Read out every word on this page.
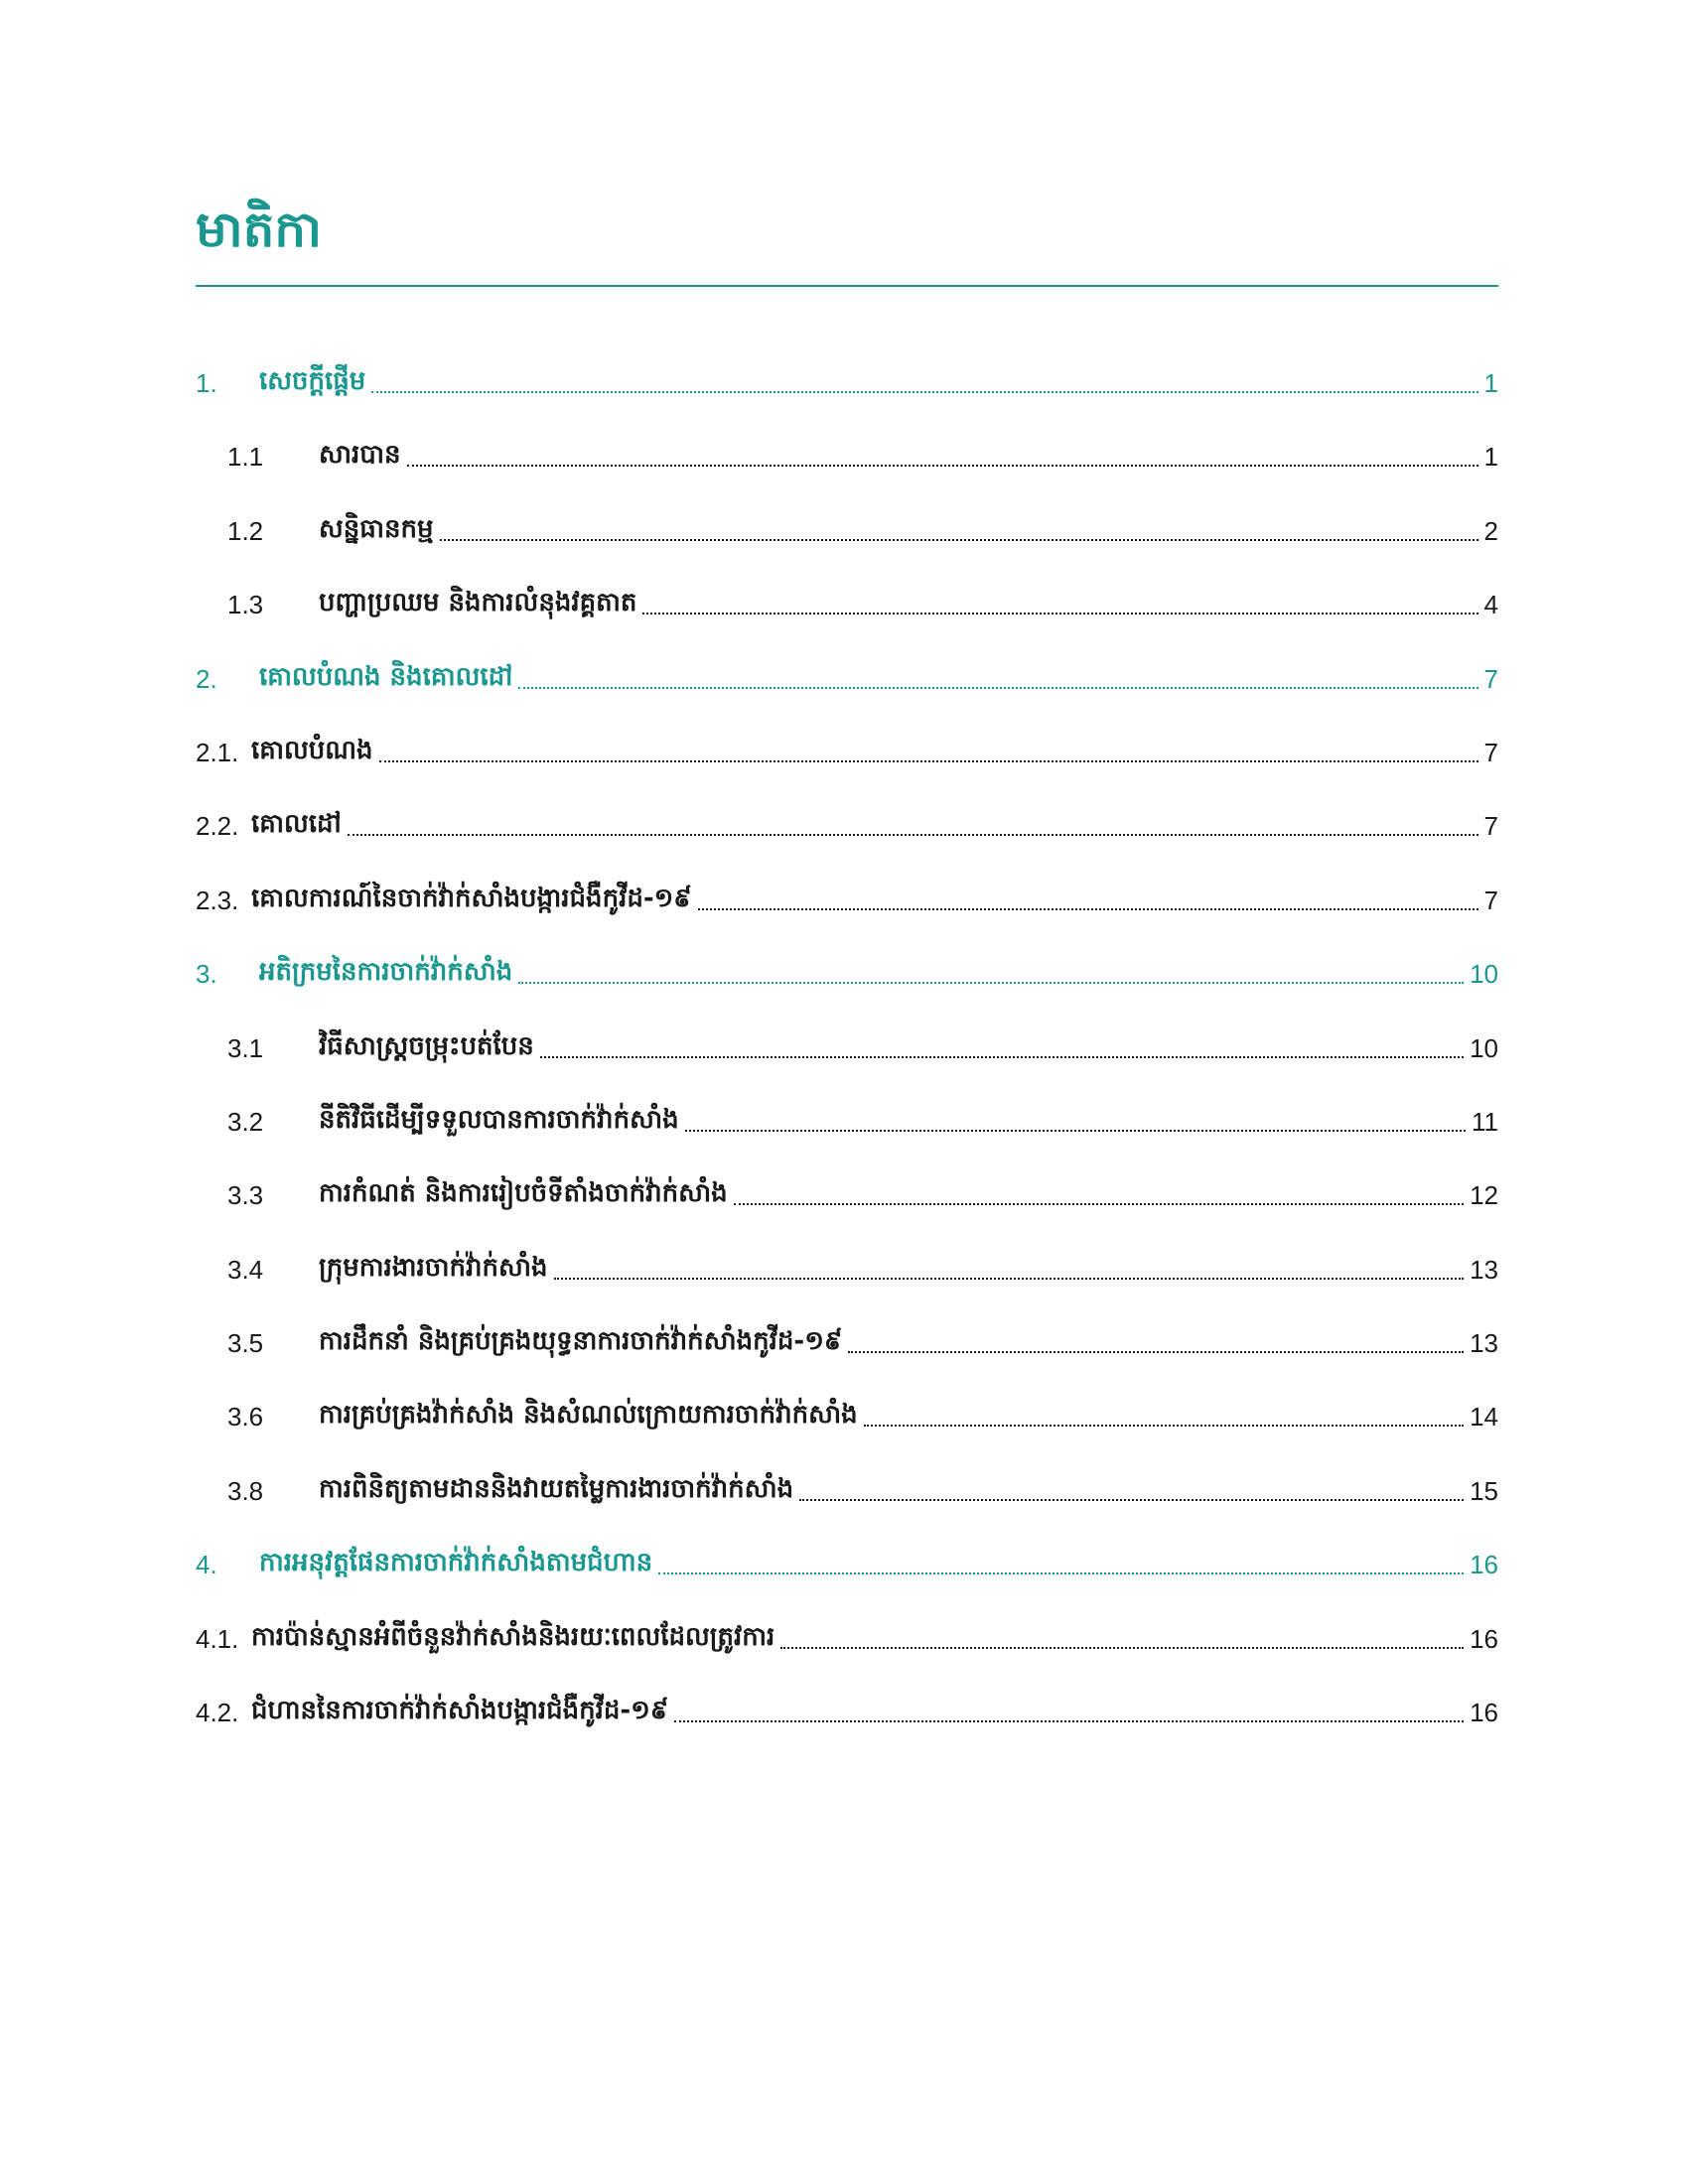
មាតិកា
1.	សេចក្តីផ្តើម	1
1.1	សារបាន	1
1.2	សន្និធានកម្ម	2
1.3	បញ្ហាប្រឈម និងការលំនុងវគ្គតាត	4
2.	គោលបំណង និងគោលដៅ	7
2.1. គោលបំណង	7
2.2. គោលដៅ	7
2.3. គោលការណ៍នៃចាក់វ៉ាក់សាំងបង្ការជំងឺកូវីដ-១៩	7
3.	អតិក្រមនៃការចាក់វ៉ាក់សាំង	10
3.1	វិធីសាស្ត្រចម្រុះបត់បែន	10
3.2	នីតិវិធីដើម្បីទទួលបានការចាក់វ៉ាក់សាំង	11
3.3	ការកំណត់ និងការរៀបចំទីតាំងចាក់វ៉ាក់សាំង	12
3.4	ក្រុមការងារចាក់វ៉ាក់សាំង	13
3.5	ការដឹកនាំ និងគ្រប់គ្រងយុទ្ធនាការចាក់វ៉ាក់សាំងកូវីដ-១៩	13
3.6	ការគ្រប់គ្រងវ៉ាក់សាំង និងសំណល់ក្រោយការចាក់វ៉ាក់សាំង	14
3.8	ការពិនិត្យតាមដាននិងវាយតម្លៃការងារចាក់វ៉ាក់សាំង	15
4.	ការអនុវត្តផែនការចាក់វ៉ាក់សាំងតាមជំហាន	16
4.1. ការប៉ាន់ស្មានអំពីចំនួនវ៉ាក់សាំងនិងរយៈពេលដែលត្រូវការ	16
4.2. ជំហាននៃការចាក់វ៉ាក់សាំងបង្ការជំងឺកូវីដ-១៩	16
